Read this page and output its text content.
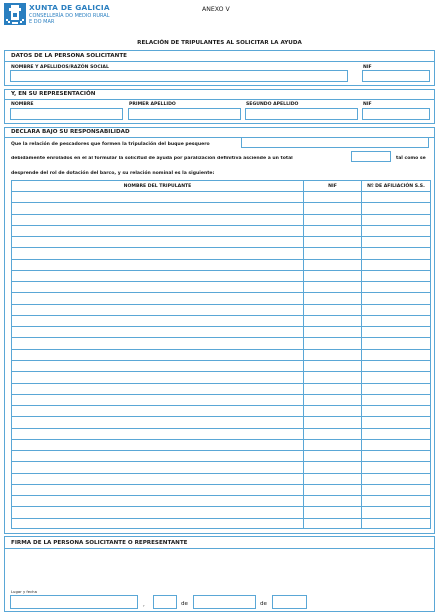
XUNTA DE GALICIA
CONSELLERÍA DO MEDIO RURAL
E DO MAR
ANEXO V
RELACIÓN DE TRIPULANTES AL SOLICITAR LA AYUDA
DATOS DE LA PERSONA SOLICITANTE
NOMBRE Y APELLIDOS/RAZÓN SOCIAL	NIF
Y, EN SU REPRESENTACIÓN
NOMBRE	PRIMER APELLIDO	SEGUNDO APELLIDO	NIF
DECLARA BAJO SU RESPONSABILIDAD
Que la relación de pescadores que formen la tripulación del buque pesquero
debidamente enrolados en el al formular la solicitud de ayuda por paralización definitiva asciende a un total	tal como se
desprende del rol de dotación del barco, y su relación nominal es la siguiente:
NOMBRE DEL TRIPULANTE	NIF	Nº DE AFILIACIÓN S.S.
FIRMA DE LA PERSONA SOLICITANTE O REPRESENTANTE
Lugar y fecha
,	de	de
